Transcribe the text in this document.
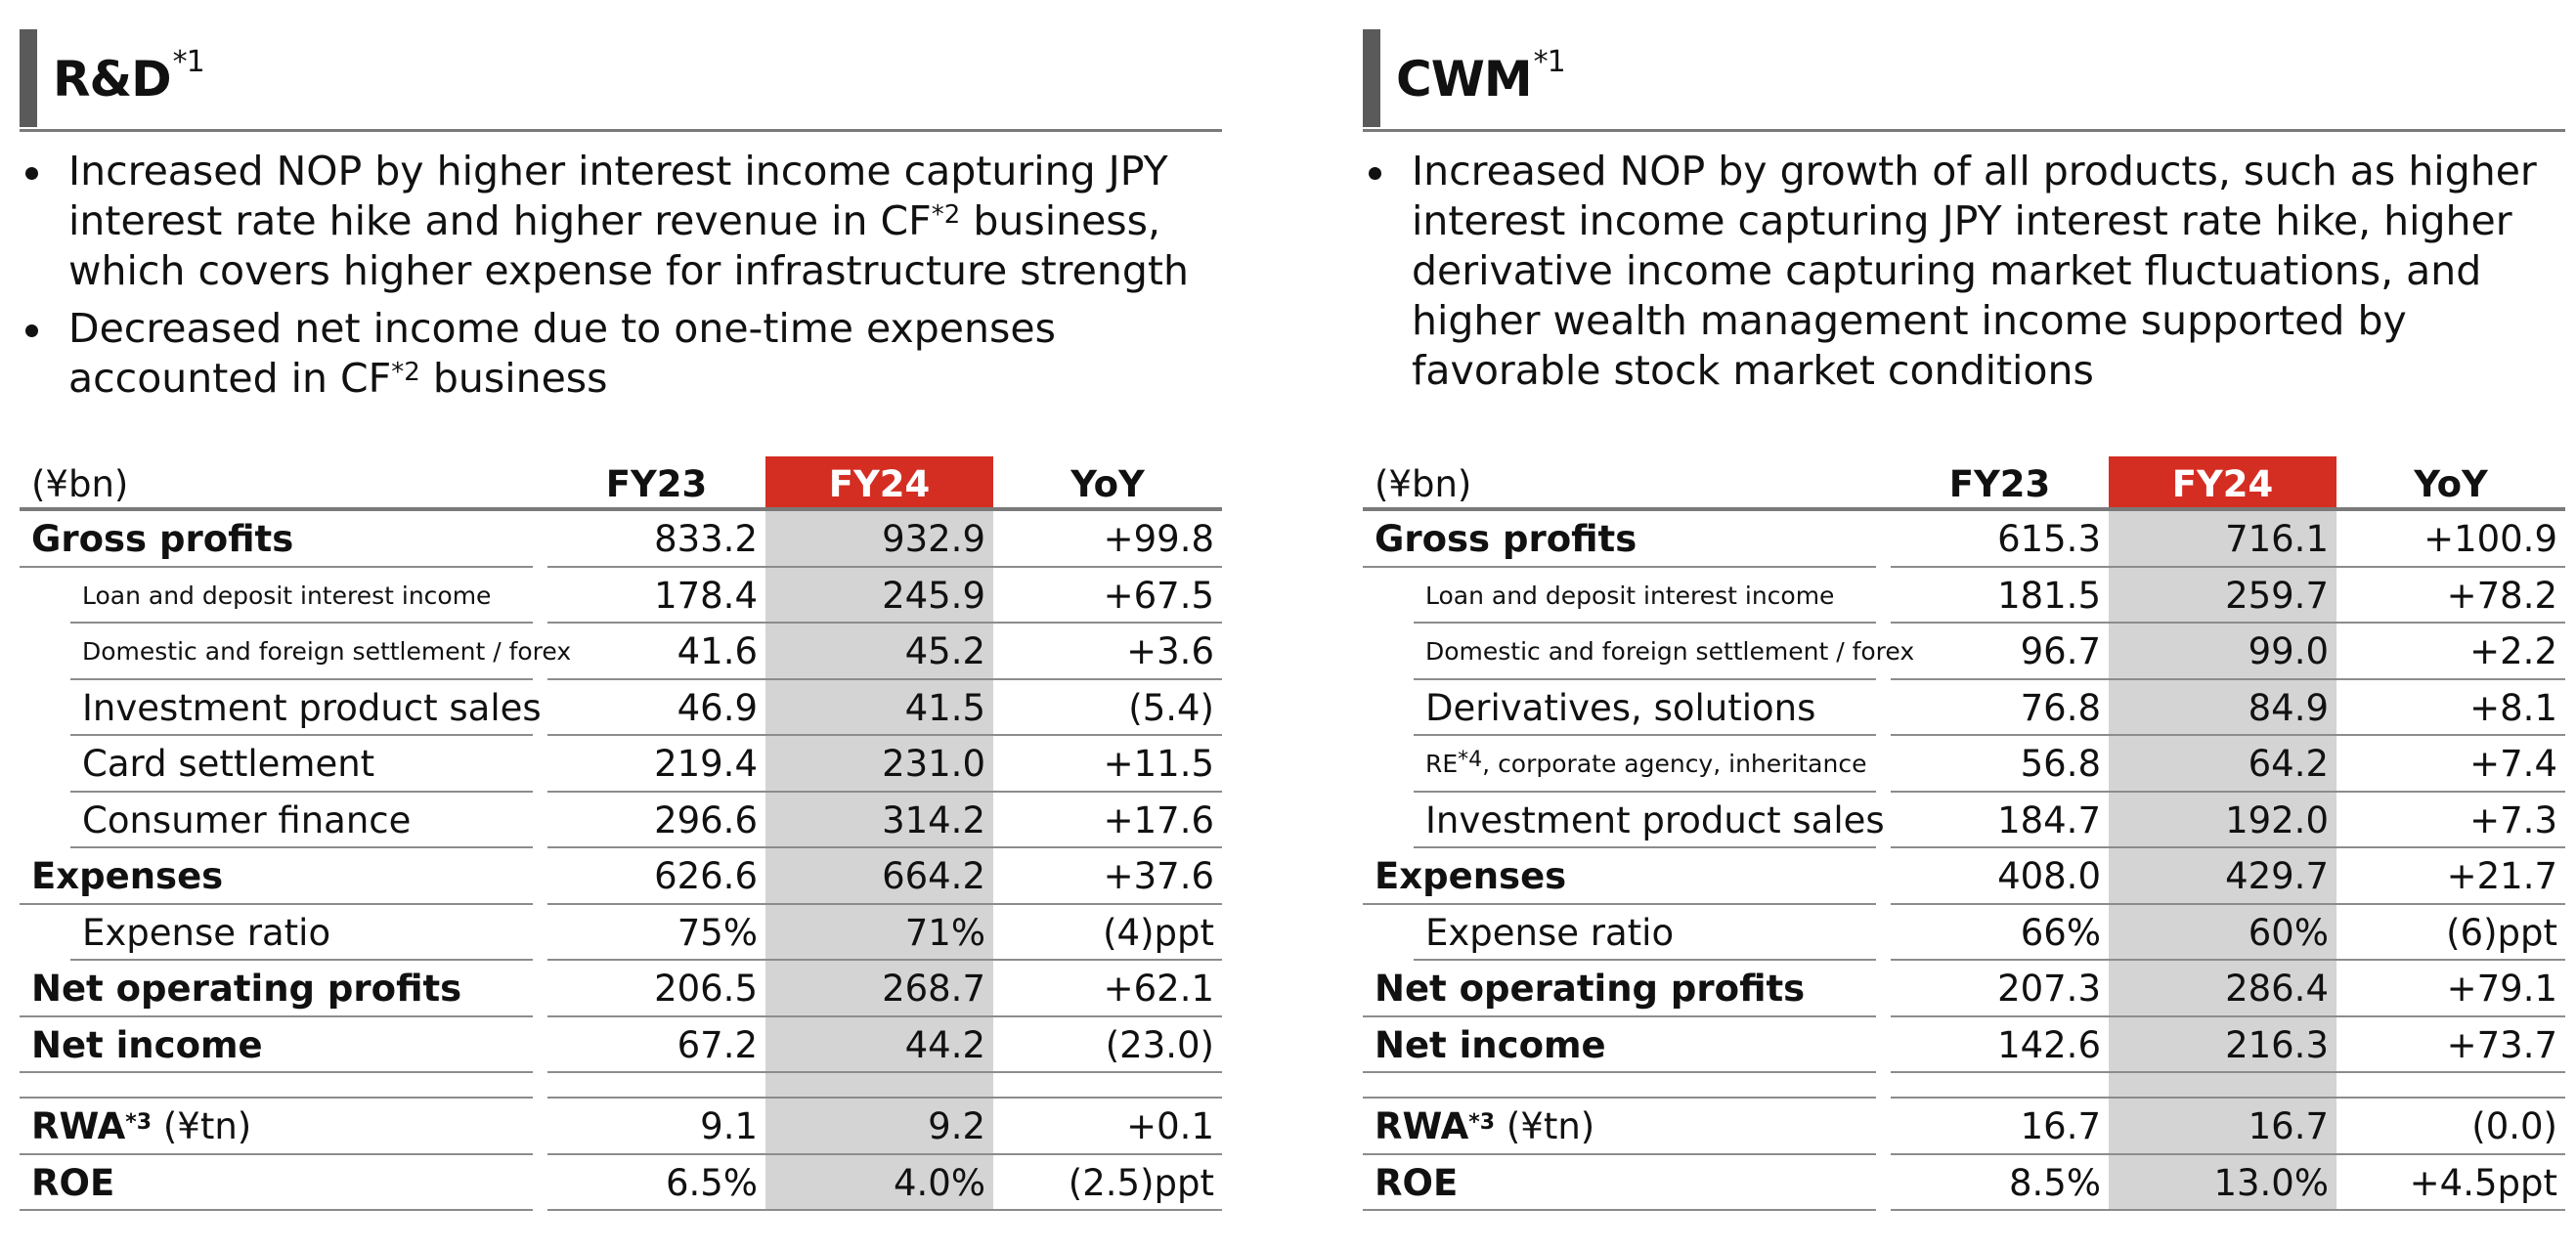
$R\&D^{*1}$
Increased NOP by higher interest income capturing JPY interest rate hike and higher revenue in CF$^{*2}$ business, which covers higher expense for infrastructure strength
Decreased net income due to one-time expenses accounted in CF$^{*2}$ business
(¥bn)	FY23	FY24	YoY
Gross profits	833.2	932.9	+99.8
Loan and deposit interest income	178.4	245.9	+67.5
Domestic and foreign settlement / forex	41.6	45.2	+3.6
Investment product sales	46.9	41.5	(5.4)
Card settlement	219.4	231.0	+11.5
Consumer finance	296.6	314.2	+17.6
Expenses	626.6	664.2	+37.6
Expense ratio	75%	71%	(4)ppt
Net operating profits	206.5	268.7	+62.1
Net income	67.2	44.2	(23.0)
RWA$^{*3}$ (¥tn)	9.1	9.2	+0.1
ROE	6.5%	4.0%	(2.5)ppt
CWM$^{*1}$
Increased NOP by growth of all products, such as higher interest income capturing JPY interest rate hike, higher derivative income capturing market fluctuations, and higher wealth management income supported by favorable stock market conditions
(¥bn)	FY23	FY24	YoY
Gross profits	615.3	716.1	+100.9
Loan and deposit interest income	181.5	259.7	+78.2
Domestic and foreign settlement / forex	96.7	99.0	+2.2
Derivatives, solutions	76.8	84.9	+8.1
RE$^{*4}$ , corporate agency, inheritance	56.8	64.2	+7.4
Investment product sales	184.7	192.0	+7.3
Expenses	408.0	429.7	+21.7
Expense ratio	66%	60%	(6)ppt
Net operating profits	207.3	286.4	+79.1
Net income	142.6	216.3	+73.7
RWA$^{*3}$ (¥tn)	16.7	16.7	(0.0)
ROE	8.5%	13.0%	+4.5ppt
